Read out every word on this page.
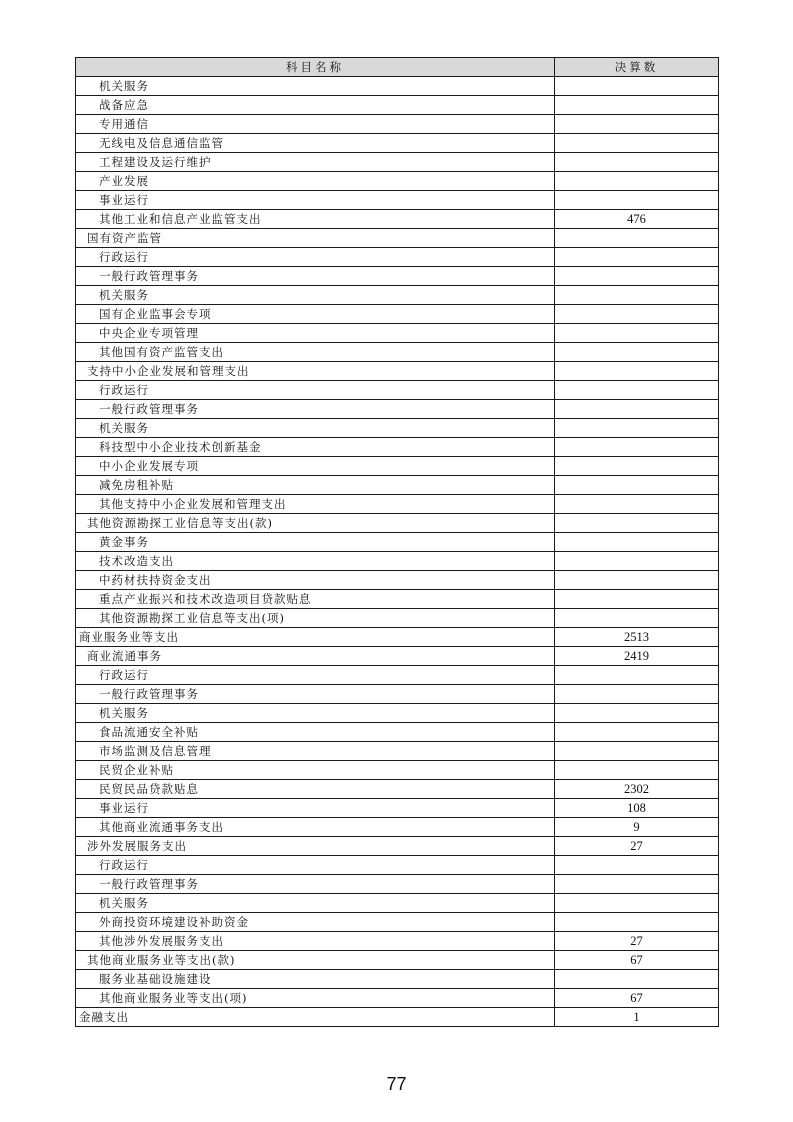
科目名称	决算数
机关服务	
战备应急	
专用通信	
无线电及信息通信监管	
工程建设及运行维护	
产业发展	
事业运行	
其他工业和信息产业监管支出	476
国有资产监管	
行政运行	
一般行政管理事务	
机关服务	
国有企业监事会专项	
中央企业专项管理	
其他国有资产监管支出	
支持中小企业发展和管理支出	
行政运行	
一般行政管理事务	
机关服务	
科技型中小企业技术创新基金	
中小企业发展专项	
减免房租补贴	
其他支持中小企业发展和管理支出	
其他资源勘探工业信息等支出(款)	
黄金事务	
技术改造支出	
中药材扶持资金支出	
重点产业振兴和技术改造项目贷款贴息	
其他资源勘探工业信息等支出(项)	
商业服务业等支出	2513
商业流通事务	2419
行政运行	
一般行政管理事务	
机关服务	
食品流通安全补贴	
市场监测及信息管理	
民贸企业补贴	
民贸民品贷款贴息	2302
事业运行	108
其他商业流通事务支出	9
涉外发展服务支出	27
行政运行	
一般行政管理事务	
机关服务	
外商投资环境建设补助资金	
其他涉外发展服务支出	27
其他商业服务业等支出(款)	67
服务业基础设施建设	
其他商业服务业等支出(项)	67
金融支出	1
77
